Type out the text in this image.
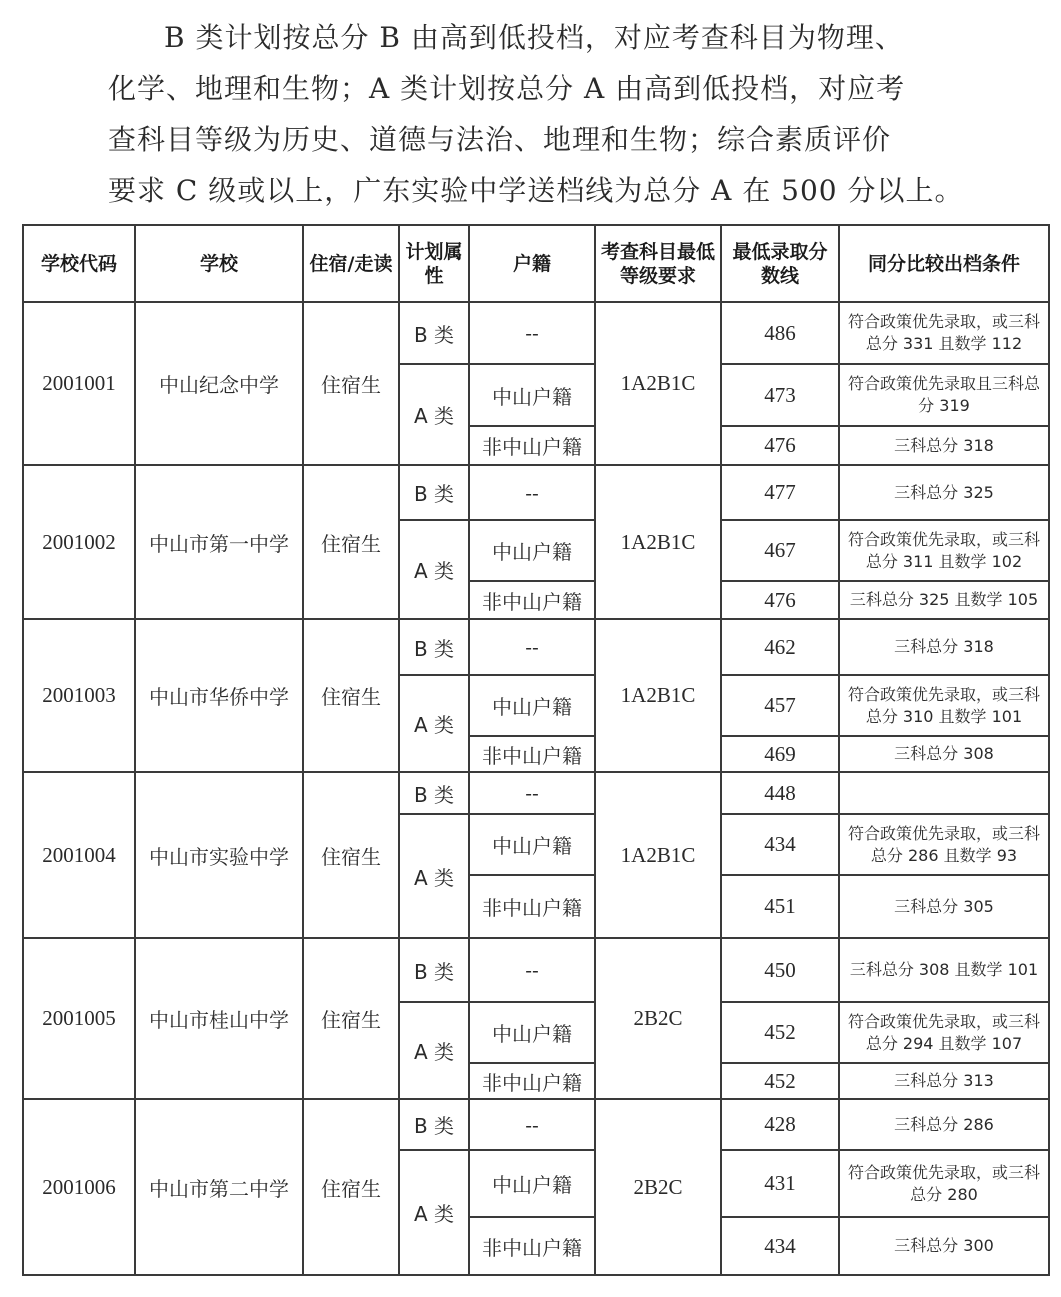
B 类计划按总分 B 由高到低投档，对应考查科目为物理、
化学、地理和生物；A 类计划按总分 A 由高到低投档，对应考
查科目等级为历史、道德与法治、地理和生物；综合素质评价
要求 C 级或以上，广东实验中学送档线为总分 A 在 500 分以上。

学校代码	学校	住宿/走读	计划属性	户籍	考查科目最低等级要求	最低录取分数线	同分比较出档条件
2001001	中山纪念中学	住宿生	B 类	--	1A2B1C	486	符合政策优先录取，或三科总分 331 且数学 112
			A 类	中山户籍		473	符合政策优先录取且三科总分 319
				非中山户籍		476	三科总分 318
2001002	中山市第一中学	住宿生	B 类	--	1A2B1C	477	三科总分 325
			A 类	中山户籍		467	符合政策优先录取，或三科总分 311 且数学 102
				非中山户籍		476	三科总分 325 且数学 105
2001003	中山市华侨中学	住宿生	B 类	--	1A2B1C	462	三科总分 318
			A 类	中山户籍		457	符合政策优先录取，或三科总分 310 且数学 101
				非中山户籍		469	三科总分 308
2001004	中山市实验中学	住宿生	B 类	--	1A2B1C	448	
			A 类	中山户籍		434	符合政策优先录取，或三科总分 286 且数学 93
				非中山户籍		451	三科总分 305
2001005	中山市桂山中学	住宿生	B 类	--	2B2C	450	三科总分 308 且数学 101
			A 类	中山户籍		452	符合政策优先录取，或三科总分 294 且数学 107
				非中山户籍		452	三科总分 313
2001006	中山市第二中学	住宿生	B 类	--	2B2C	428	三科总分 286
			A 类	中山户籍		431	符合政策优先录取，或三科总分 280
				非中山户籍		434	三科总分 300
